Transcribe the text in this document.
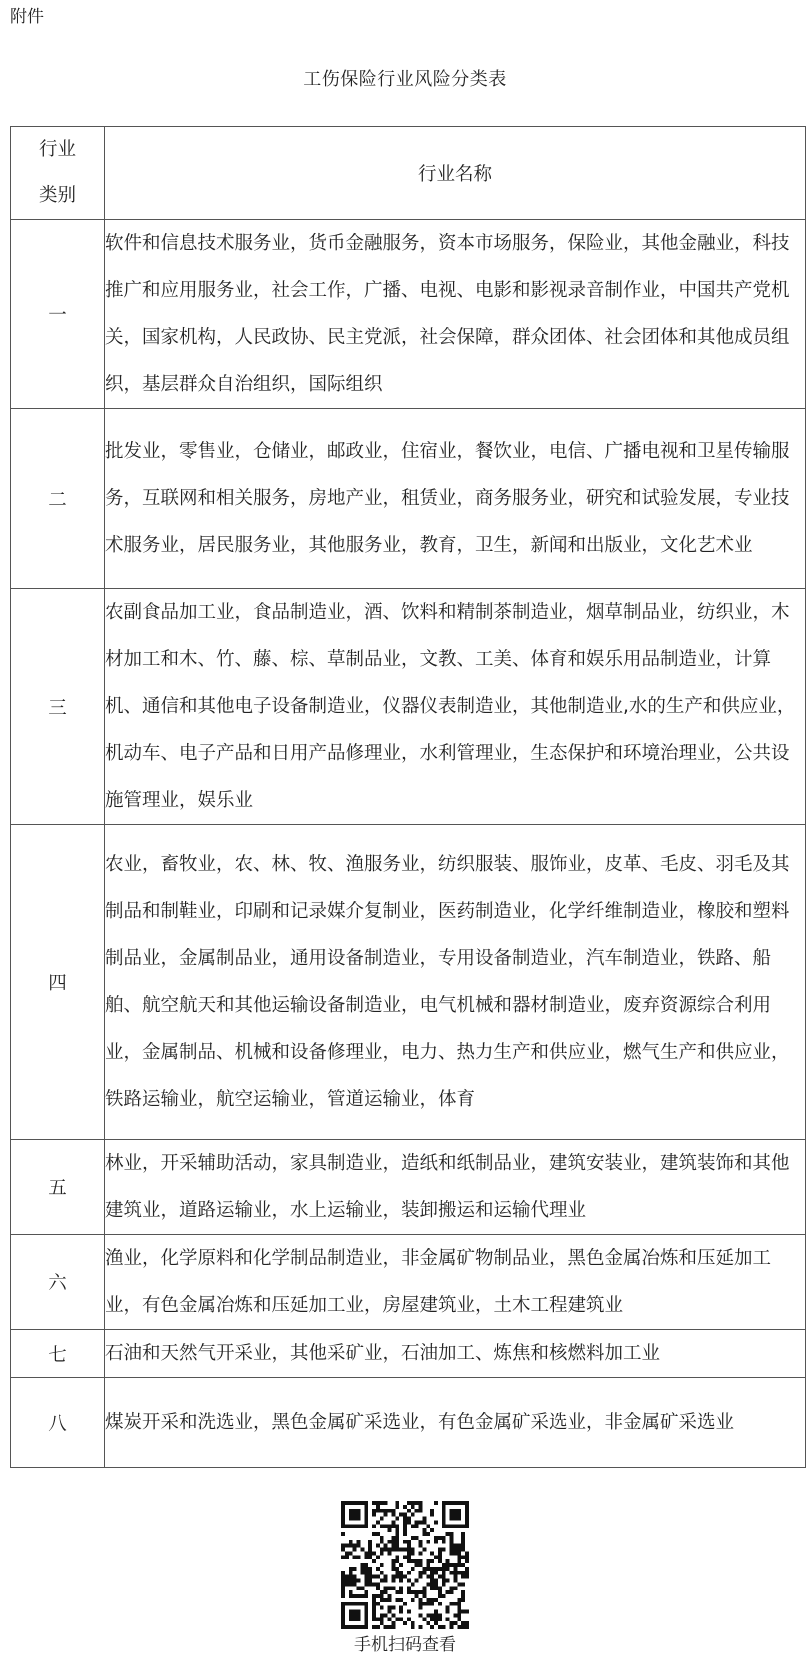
附件
工伤保险行业风险分类表
行业
类别	行业名称
一	软件和信息技术服务业，货币金融服务，资本市场服务，保险业，其他金融业，科技推广和应用服务业，社会工作，广播、电视、电影和影视录音制作业，中国共产党机关，国家机构，人民政协、民主党派，社会保障，群众团体、社会团体和其他成员组织，基层群众自治组织，国际组织
二	批发业，零售业，仓储业，邮政业，住宿业，餐饮业，电信、广播电视和卫星传输服务，互联网和相关服务，房地产业，租赁业，商务服务业，研究和试验发展，专业技术服务业，居民服务业，其他服务业，教育，卫生，新闻和出版业，文化艺术业
三	农副食品加工业，食品制造业，酒、饮料和精制茶制造业，烟草制品业，纺织业，木材加工和木、竹、藤、棕、草制品业，文教、工美、体育和娱乐用品制造业，计算机、通信和其他电子设备制造业，仪器仪表制造业，其他制造业,水的生产和供应业，机动车、电子产品和日用产品修理业，水利管理业，生态保护和环境治理业，公共设施管理业，娱乐业
四	农业，畜牧业，农、林、牧、渔服务业，纺织服装、服饰业，皮革、毛皮、羽毛及其制品和制鞋业，印刷和记录媒介复制业，医药制造业，化学纤维制造业，橡胶和塑料制品业，金属制品业，通用设备制造业，专用设备制造业，汽车制造业，铁路、船舶、航空航天和其他运输设备制造业，电气机械和器材制造业，废弃资源综合利用业，金属制品、机械和设备修理业，电力、热力生产和供应业，燃气生产和供应业，铁路运输业，航空运输业，管道运输业，体育
五	林业，开采辅助活动，家具制造业，造纸和纸制品业，建筑安装业，建筑装饰和其他建筑业，道路运输业，水上运输业，装卸搬运和运输代理业
六	渔业，化学原料和化学制品制造业，非金属矿物制品业，黑色金属冶炼和压延加工业，有色金属冶炼和压延加工业，房屋建筑业，土木工程建筑业
七	石油和天然气开采业，其他采矿业，石油加工、炼焦和核燃料加工业
八	煤炭开采和洗选业，黑色金属矿采选业，有色金属矿采选业，非金属矿采选业
手机扫码查看
